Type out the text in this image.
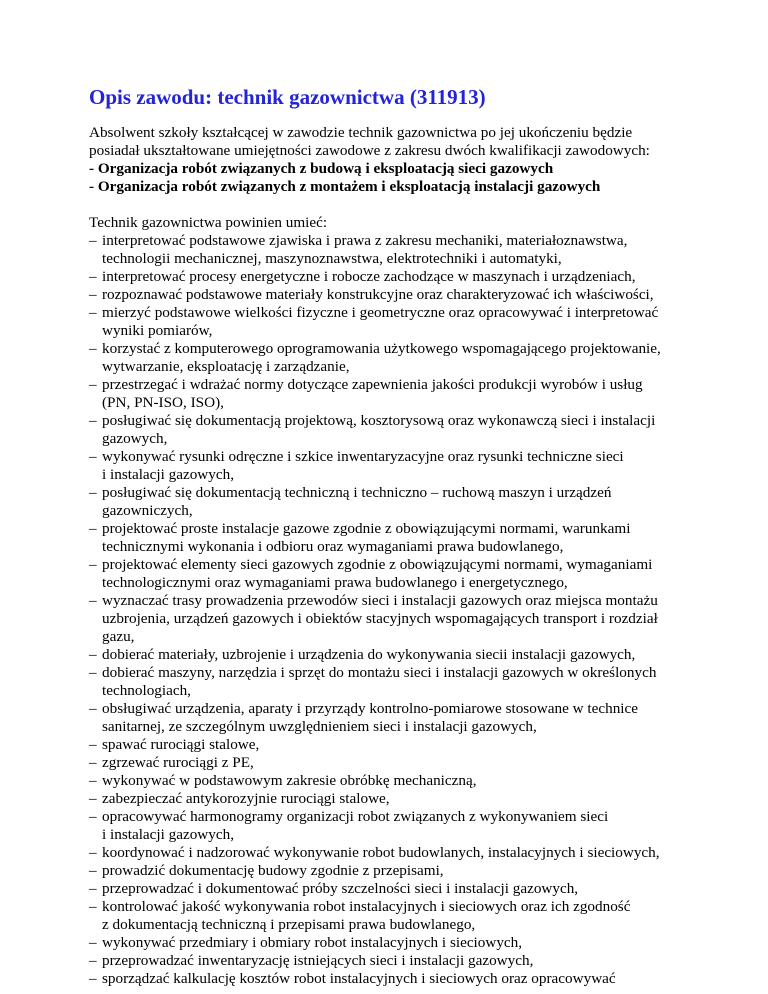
Opis zawodu: technik gazownictwa (311913)
Absolwent szkoły kształcącej w zawodzie technik gazownictwa po jej ukończeniu będzie
posiadał ukształtowane umiejętności zawodowe z zakresu dwóch kwalifikacji zawodowych:
- Organizacja robót związanych z budową i eksploatacją sieci gazowych
- Organizacja robót związanych z montażem i eksploatacją instalacji gazowych
Technik gazownictwa powinien umieć:
– interpretować podstawowe zjawiska i prawa z zakresu mechaniki, materiałoznawstwa,
technologii mechanicznej, maszynoznawstwa, elektrotechniki i automatyki,
– interpretować procesy energetyczne i robocze zachodzące w maszynach i urządzeniach,
– rozpoznawać podstawowe materiały konstrukcyjne oraz charakteryzować ich właściwości,
– mierzyć podstawowe wielkości fizyczne i geometryczne oraz opracowywać i interpretować
wyniki pomiarów,
– korzystać z komputerowego oprogramowania użytkowego wspomagającego projektowanie,
wytwarzanie, eksploatację i zarządzanie,
– przestrzegać i wdrażać normy dotyczące zapewnienia jakości produkcji wyrobów i usług
(PN, PN-ISO, ISO),
– posługiwać się dokumentacją projektową, kosztorysową oraz wykonawczą sieci i instalacji
gazowych,
– wykonywać rysunki odręczne i szkice inwentaryzacyjne oraz rysunki techniczne sieci
i instalacji gazowych,
– posługiwać się dokumentacją techniczną i techniczno – ruchową maszyn i urządzeń
gazowniczych,
– projektować proste instalacje gazowe zgodnie z obowiązującymi normami, warunkami
technicznymi wykonania i odbioru oraz wymaganiami prawa budowlanego,
– projektować elementy sieci gazowych zgodnie z obowiązującymi normami, wymaganiami
technologicznymi oraz wymaganiami prawa budowlanego i energetycznego,
– wyznaczać trasy prowadzenia przewodów sieci i instalacji gazowych oraz miejsca montażu
uzbrojenia, urządzeń gazowych i obiektów stacyjnych wspomagających transport i rozdział
gazu,
– dobierać materiały, uzbrojenie i urządzenia do wykonywania siecii instalacji gazowych,
– dobierać maszyny, narzędzia i sprzęt do montażu sieci i instalacji gazowych w określonych
technologiach,
– obsługiwać urządzenia, aparaty i przyrządy kontrolno-pomiarowe stosowane w technice
sanitarnej, ze szczególnym uwzględnieniem sieci i instalacji gazowych,
– spawać rurociągi stalowe,
– zgrzewać rurociągi z PE,
– wykonywać w podstawowym zakresie obróbkę mechaniczną,
– zabezpieczać antykorozyjnie rurociągi stalowe,
– opracowywać harmonogramy organizacji robot związanych z wykonywaniem sieci
i instalacji gazowych,
– koordynować i nadzorować wykonywanie robot budowlanych, instalacyjnych i sieciowych,
– prowadzić dokumentację budowy zgodnie z przepisami,
– przeprowadzać i dokumentować próby szczelności sieci i instalacji gazowych,
– kontrolować jakość wykonywania robot instalacyjnych i sieciowych oraz ich zgodność
z dokumentacją techniczną i przepisami prawa budowlanego,
– wykonywać przedmiary i obmiary robot instalacyjnych i sieciowych,
– przeprowadzać inwentaryzację istniejących sieci i instalacji gazowych,
– sporządzać kalkulację kosztów robot instalacyjnych i sieciowych oraz opracowywać
